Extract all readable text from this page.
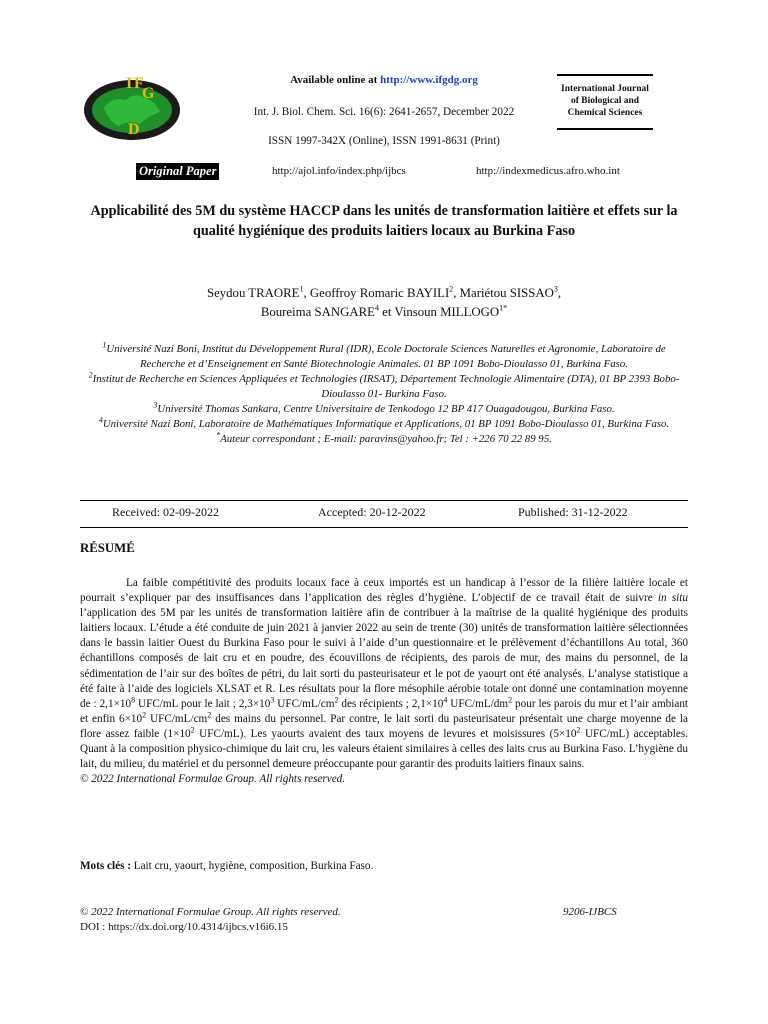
I F
G
D
Available online at http://www.ifgdg.org
Int. J. Biol. Chem. Sci. 16(6): 2641-2657, December 2022
ISSN 1997-342X (Online), ISSN 1991-8631 (Print)
International Journal
of Biological and
Chemical Sciences
Original Paper	http://ajol.info/index.php/ijbcs	http://indexmedicus.afro.who.int
Applicabilité des 5M du système HACCP dans les unités de transformation laitière et effets sur la qualité hygiénique des produits laitiers locaux au Burkina Faso
Seydou TRAORE$^1$, Geoffroy Romaric BAYILI$^2$, Mariétou SISSAO$^3$,
Boureima SANGARE$^4$ et Vinsoun $MILLOGO^{1*}$

$^1$Université Nazi Boni, Institut du Développement Rural (IDR), Ecole Doctorale Sciences Naturelles et Agronomie, Laboratoire de Recherche et d’Enseignement en Santé Biotechnologie Animales. 01 BP 1091 Bobo-Dioulasso 01, Burkina Faso.

$^2$Institut de Recherche en Sciences Appliquées et Technologies (IRSAT), Département Technologie Alimentaire (DTA), 01 BP 2393 Bobo-Dioulasso 01- Burkina Faso.

$^3$Université Thomas Sankara, Centre Universitaire de Tenkodogo 12 BP 417 Ouagadougou, Burkina Faso.

$^4$Université Nazi Boni, Laboratoire de Mathématiques Informatique et Applications, 01 BP 1091 Bobo-Dioulasso 01, Burkina Faso.

*Auteur correspondant ; E-mail: paravins@yahoo.fr; Tel : +226 70 22 89 95.

Received: 02-09-2022	Accepted: 20-12-2022	Published: 31-12-2022
RÉSUMÉ

La faible compétitivité des produits locaux face à ceux importés est un handicap à l’essor de la filière laitière locale et pourrait s’expliquer par des insuffisances dans l’application des règles d’hygiène. L’objectif de ce travail était de suivre in situ l’application des 5M par les unités de transformation laitière afin de contribuer à la maîtrise de la qualité hygiénique des produits laitiers locaux. L’étude a été conduite de juin 2021 à janvier 2022 au sein de trente (30) unités de transformation laitière sélectionnées dans le bassin laitier Ouest du Burkina Faso pour le suivi à l’aide d’un questionnaire et le prélèvement d’échantillons Au total, 360 échantillons composés de lait cru et en poudre, des écouvillons de récipients, des parois de mur, des mains du personnel, de la sédimentation de l’air sur des boîtes de pétri, du lait sorti du pasteurisateur et le pot de yaourt ont été analysés. L’analyse statistique a été faite à l’aide des logiciels XLSAT et R. Les résultats pour la flore mésophile aérobie totale ont donné une contamination moyenne de : $2,1\times 10^8$ UFC/mL pour le lait ; $2,3\times 10^3$ UFC/$mL/cm^2$ des récipients ; $2,1\times 10^4$ UFC/$mL/dm^2$ pour les parois du mur et l’air ambiant et enfin $6\times 10^2$ UFC/$mL/cm^2$ des mains du personnel. Par contre, le lait sorti du pasteurisateur présentait une charge moyenne de la flore assez faible ($1\times 10^2$ UFC/mL). Les yaourts avaient des taux moyens de levures et moisissures ($5\times 10^2$ UFC/mL) acceptables. Quant à la composition physico-chimique du lait cru, les valeurs étaient similaires à celles des laits crus au Burkina Faso. L’hygiène du lait, du milieu, du matériel et du personnel demeure préoccupante pour garantir des produits laitiers finaux sains.

© 2022 International Formulae Group. All rights reserved.
Mots clés : Lait cru, yaourt, hygiène, composition, Burkina Faso.
© 2022 International Formulae Group. All rights reserved.	9206-IJBCS
DOI : https://dx.doi.org/10.4314/ijbcs.v16i6.15
